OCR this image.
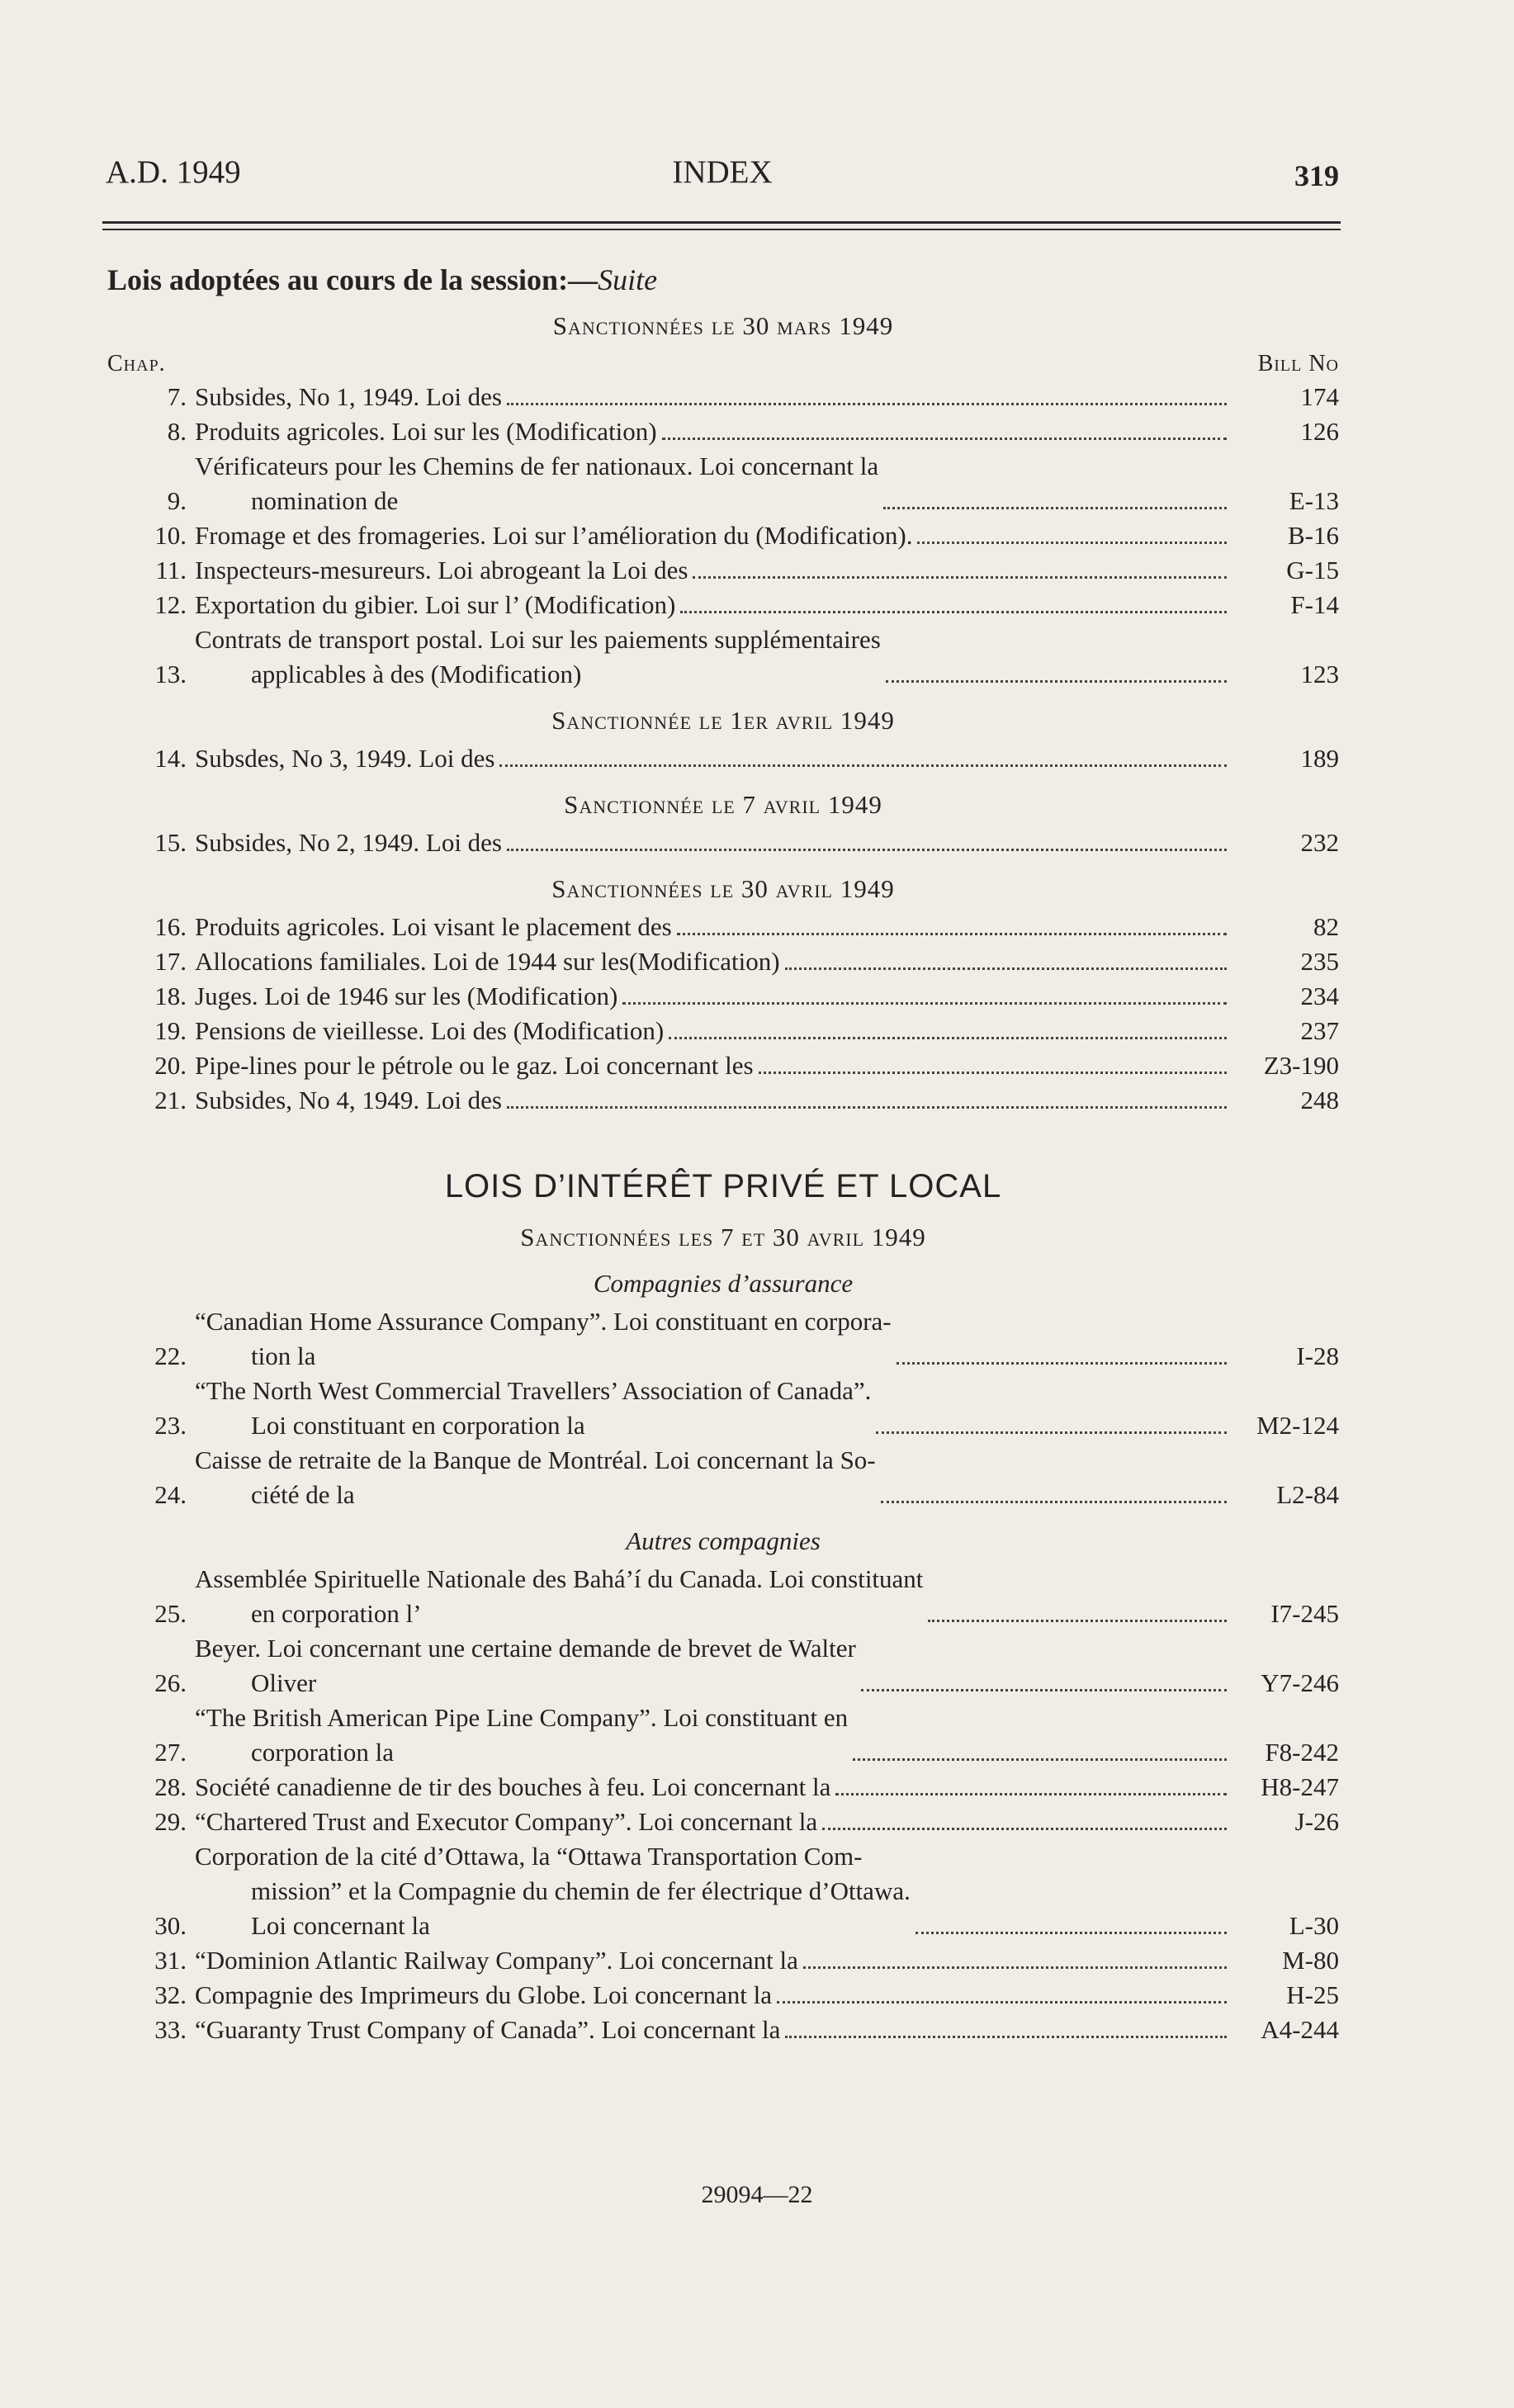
A.D. 1949	INDEX	319
Lois adoptées au cours de la session:—Suite
Sanctionnées le 30 mars 1949
Chap.	Bill No
7. Subsides, No 1, 1949. Loi des	174
8. Produits agricoles. Loi sur les (Modification)	126
9.
Vérificateurs pour les Chemins de fer nationaux. Loi concernant la
nomination de	E-13
10. Fromage et des fromageries. Loi sur l’amélioration du (Modification).	B-16
11. Inspecteurs-mesureurs. Loi abrogeant la Loi des	G-15
12. Exportation du gibier. Loi sur l’ (Modification)	F-14
13.
Contrats de transport postal. Loi sur les paiements supplémentaires
applicables à des (Modification)	123
Sanctionnée le 1er avril 1949
14. Subsdes, No 3, 1949. Loi des	189
Sanctionnée le 7 avril 1949
15. Subsides, No 2, 1949. Loi des	232
Sanctionnées le 30 avril 1949
16. Produits agricoles. Loi visant le placement des	82
17. Allocations familiales. Loi de 1944 sur les(Modification)	235
18. Juges. Loi de 1946 sur les (Modification)	234
19. Pensions de vieillesse. Loi des (Modification)	237
20. Pipe-lines pour le pétrole ou le gaz. Loi concernant les	Z3-190
21. Subsides, No 4, 1949. Loi des	248
LOIS D’INTÉRÊT PRIVÉ ET LOCAL
Sanctionnées les 7 et 30 avril 1949
Compagnies d’assurance
22.
“Canadian Home Assurance Company”. Loi constituant en corpora-
tion la	I-28
23.
“The North West Commercial Travellers’ Association of Canada”.
Loi constituant en corporation la	M2-124
24.
Caisse de retraite de la Banque de Montréal. Loi concernant la So-
ciété de la	L2-84
Autres compagnies
25.
Assemblée Spirituelle Nationale des Bahá’í du Canada. Loi constituant
en corporation l’	I7-245
26.
Beyer. Loi concernant une certaine demande de brevet de Walter
Oliver	Y7-246
27.
“The British American Pipe Line Company”. Loi constituant en
corporation la	F8-242
28. Société canadienne de tir des bouches à feu. Loi concernant la	H8-247
29. “Chartered Trust and Executor Company”. Loi concernant la	J-26
30.
Corporation de la cité d’Ottawa, la “Ottawa Transportation Com-
mission” et la Compagnie du chemin de fer électrique d’Ottawa.
Loi concernant la	L-30
31. “Dominion Atlantic Railway Company”. Loi concernant la	M-80
32. Compagnie des Imprimeurs du Globe. Loi concernant la	H-25
33. “Guaranty Trust Company of Canada”. Loi concernant la	A4-244
29094—22
